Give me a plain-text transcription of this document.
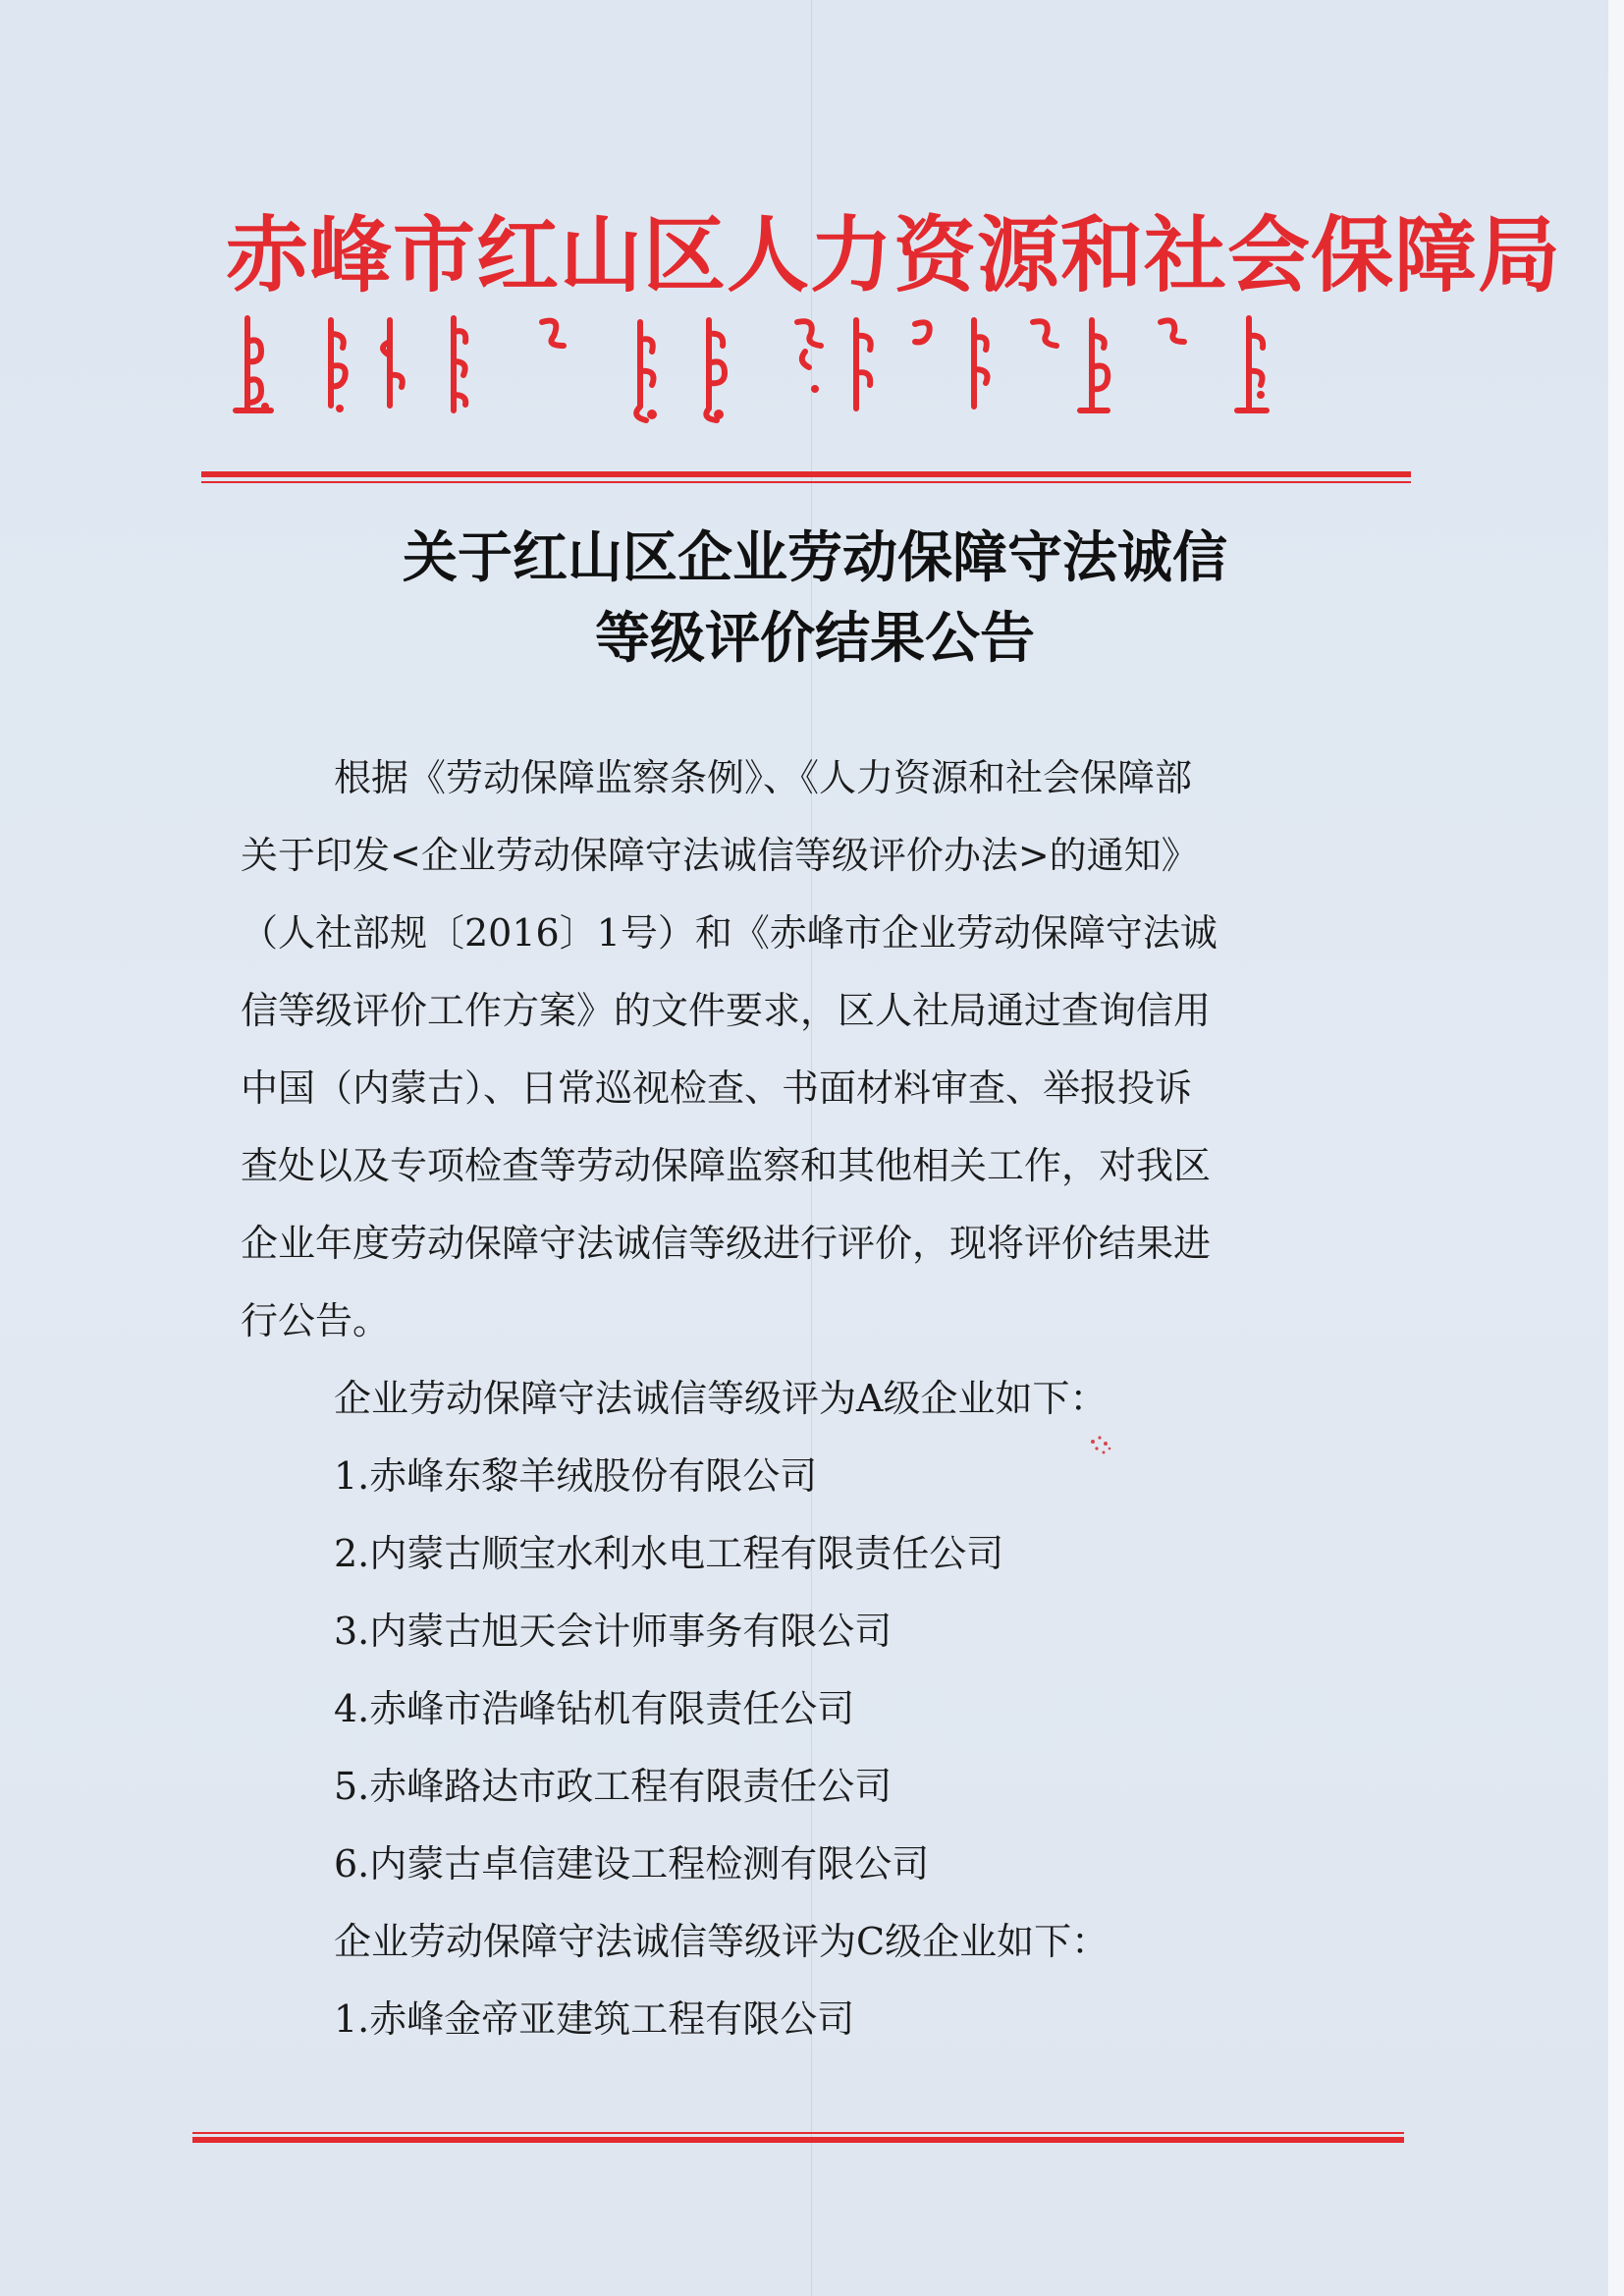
赤峰市红山区人力资源和社会保障局
关于红山区企业劳动保障守法诚信
等级评价结果公告
根据《劳动保障监察条例》、《人力资源和社会保障部
关于印发<企业劳动保障守法诚信等级评价办法>的通知》
（人社部规〔2016〕1号）和《赤峰市企业劳动保障守法诚
信等级评价工作方案》的文件要求，区人社局通过查询信用
中国（内蒙古）、日常巡视检查、书面材料审查、举报投诉
查处以及专项检查等劳动保障监察和其他相关工作，对我区
企业年度劳动保障守法诚信等级进行评价，现将评价结果进
行公告。
企业劳动保障守法诚信等级评为A级企业如下：
1.赤峰东黎羊绒股份有限公司
2.内蒙古顺宝水利水电工程有限责任公司
3.内蒙古旭天会计师事务有限公司
4.赤峰市浩峰钻机有限责任公司
5.赤峰路达市政工程有限责任公司
6.内蒙古卓信建设工程检测有限公司
企业劳动保障守法诚信等级评为C级企业如下：
1.赤峰金帝亚建筑工程有限公司
